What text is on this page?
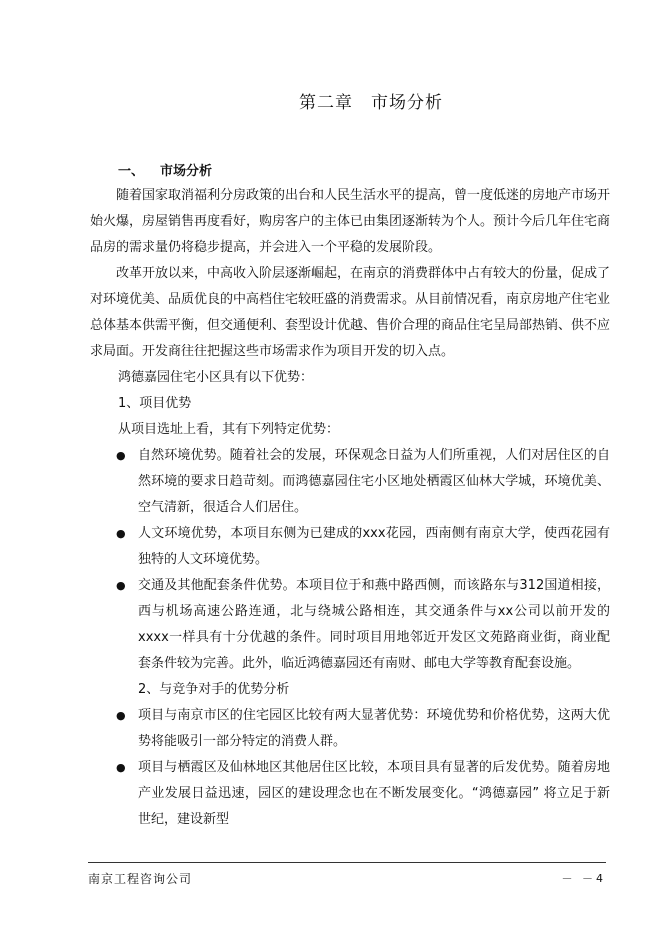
第二章　市场分析
一、 市场分析

随着国家取消福利分房政策的出台和人民生活水平的提高，曾一度低迷的房地产市场开始火爆，房屋销售再度看好，购房客户的主体已由集团逐渐转为个人。预计今后几年住宅商品房的需求量仍将稳步提高，并会进入一个平稳的发展阶段。

改革开放以来，中高收入阶层逐渐崛起，在南京的消费群体中占有较大的份量，促成了对环境优美、品质优良的中高档住宅较旺盛的消费需求。从目前情况看，南京房地产住宅业总体基本供需平衡，但交通便利、套型设计优越、售价合理的商品住宅呈局部热销、供不应求局面。开发商往往把握这些市场需求作为项目开发的切入点。

鸿德嘉园住宅小区具有以下优势：

1、项目优势

从项目选址上看，其有下列特定优势：

● 自然环境优势。随着社会的发展，环保观念日益为人们所重视，人们对居住区的自然环境的要求日趋苛刻。而鸿德嘉园住宅小区地处栖霞区仙林大学城，环境优美、空气清新，很适合人们居住。

● 人文环境优势，本项目东侧为已建成的xxx花园，西南侧有南京大学，使西花园有独特的人文环境优势。

● 交通及其他配套条件优势。本项目位于和燕中路西侧，而该路东与312国道相接，西与机场高速公路连通，北与绕城公路相连，其交通条件与xx公司以前开发的xxxx一样具有十分优越的条件。同时项目用地邻近开发区文苑路商业街，商业配套条件较为完善。此外，临近鸿德嘉园还有南财、邮电大学等教育配套设施。

2、与竞争对手的优势分析

● 项目与南京市区的住宅园区比较有两大显著优势：环境优势和价格优势，这两大优势将能吸引一部分特定的消费人群。

● 项目与栖霞区及仙林地区其他居住区比较，本项目具有显著的后发优势。随着房地产业发展日益迅速，园区的建设理念也在不断发展变化。“鸿德嘉园” 将立足于新世纪，建设新型

南京工程咨询公司	－ －4
